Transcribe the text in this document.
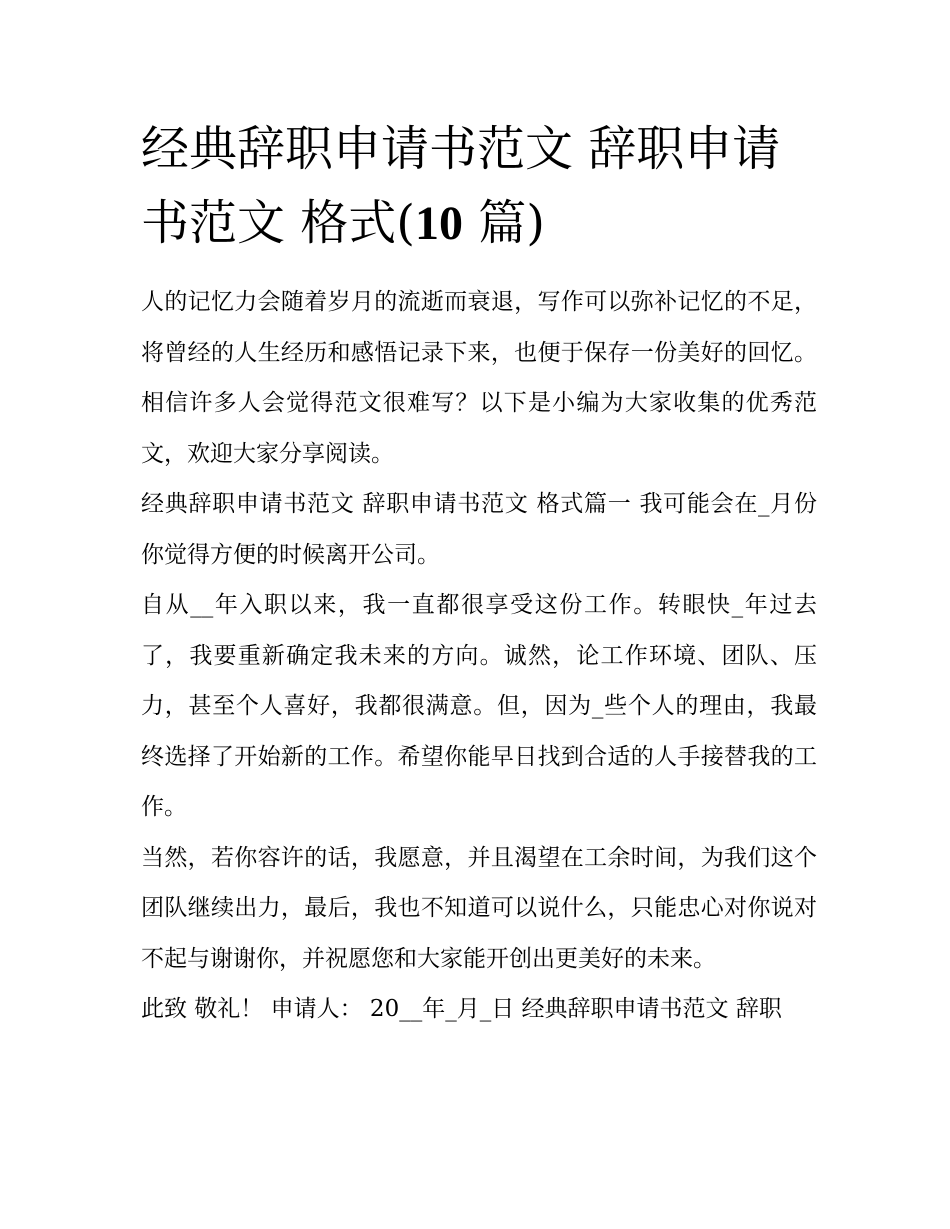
经典辞职申请书范文 辞职申请书范文 格式(10 篇)

人的记忆力会随着岁月的流逝而衰退，写作可以弥补记忆的不足，将曾经的人生经历和感悟记录下来，也便于保存一份美好的回忆。相信许多人会觉得范文很难写？以下是小编为大家收集的优秀范文，欢迎大家分享阅读。

经典辞职申请书范文 辞职申请书范文 格式篇一 我可能会在_月份你觉得方便的时候离开公司。

自从__年入职以来，我一直都很享受这份工作。转眼快_年过去了，我要重新确定我未来的方向。诚然，论工作环境、团队、压力，甚至个人喜好，我都很满意。但，因为_些个人的理由，我最终选择了开始新的工作。希望你能早日找到合适的人手接替我的工作。

当然，若你容许的话，我愿意，并且渴望在工余时间，为我们这个团队继续出力，最后，我也不知道可以说什么，只能忠心对你说对不起与谢谢你，并祝愿您和大家能开创出更美好的未来。

此致 敬礼！ 申请人： 20__年_月_日 经典辞职申请书范文 辞职
